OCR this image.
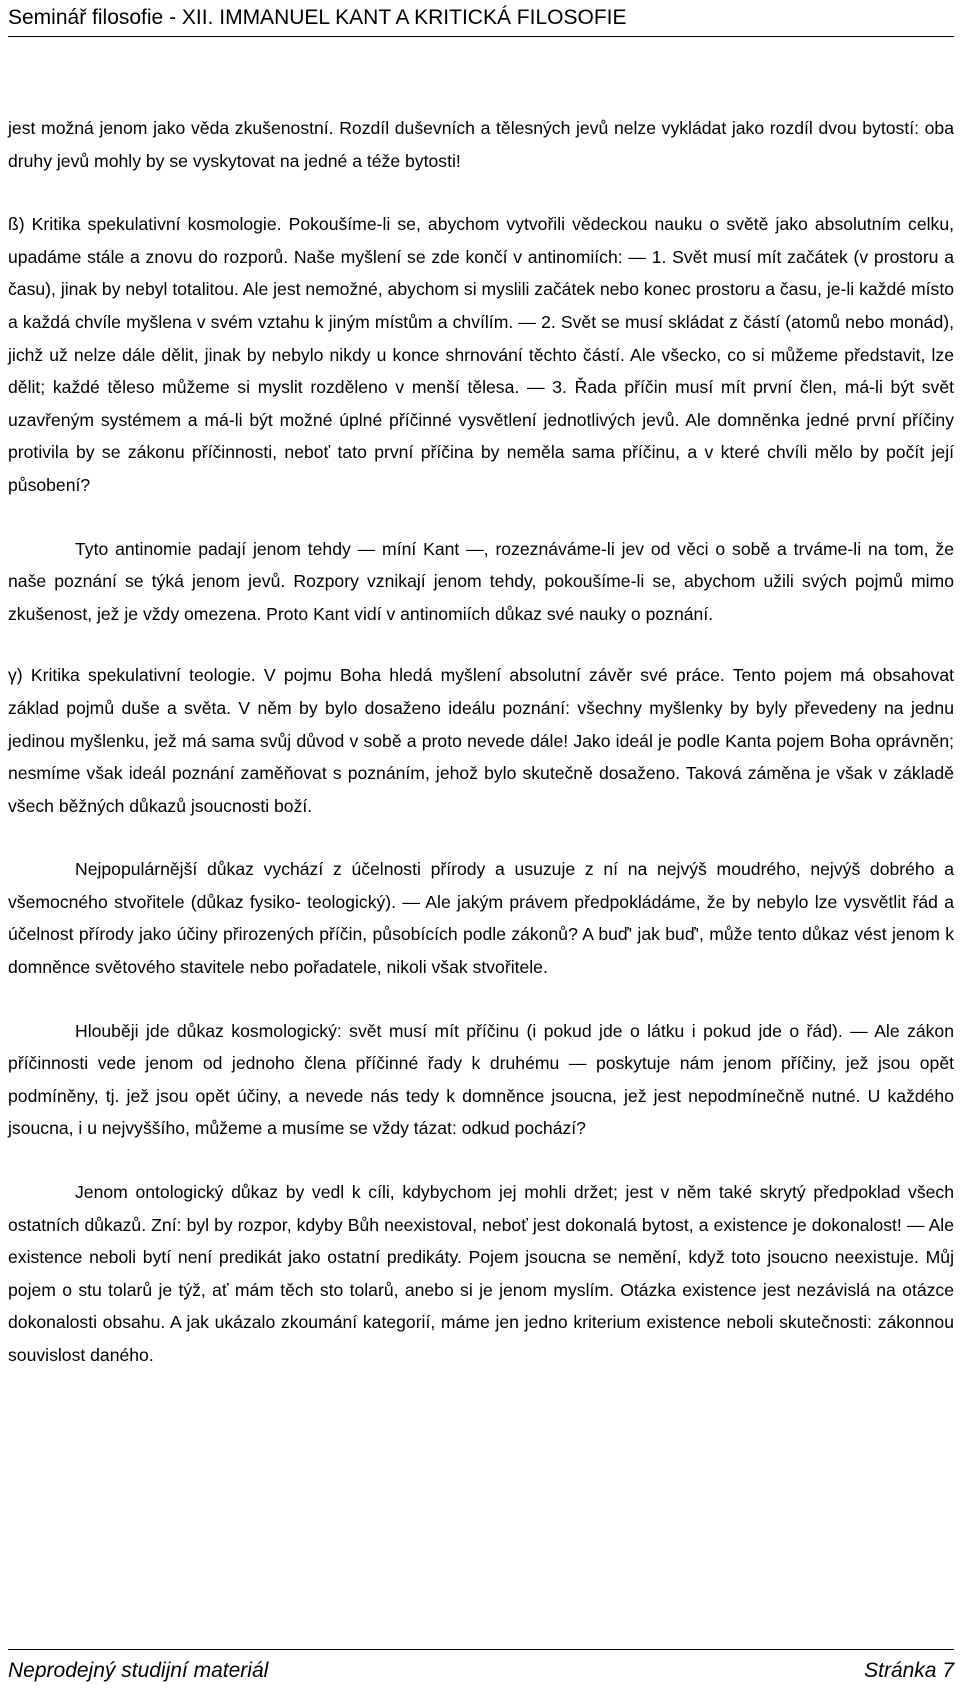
Seminář filosofie - XII. IMMANUEL KANT A KRITICKÁ FILOSOFIE

jest možná jenom jako věda zkušenostní. Rozdíl duševních a tělesných jevů nelze vykládat jako rozdíl dvou bytostí: oba druhy jevů mohly by se vyskytovat na jedné a téže bytosti!

ß) Kritika spekulativní kosmologie. Pokoušíme-li se, abychom vytvořili vědeckou nauku o světě jako absolutním celku, upadáme stále a znovu do rozporů. Naše myšlení se zde končí v antinomiích: — 1. Svět musí mít začátek (v prostoru a času), jinak by nebyl totalitou. Ale jest nemožné, abychom si myslili začátek nebo konec prostoru a času, je-li každé místo a každá chvíle myšlena v svém vztahu k jiným místům a chvílím. — 2. Svět se musí skládat z částí (atomů nebo monád), jichž už nelze dále dělit, jinak by nebylo nikdy u konce shrnování těchto částí. Ale všecko, co si můžeme představit, lze dělit; každé těleso můžeme si myslit rozděleno v menší tělesa. — 3. Řada příčin musí mít první člen, má-li být svět uzavřeným systémem a má-li být možné úplné příčinné vysvětlení jednotlivých jevů. Ale domněnka jedné první příčiny protivila by se zákonu příčinnosti, neboť tato první příčina by neměla sama příčinu, a v které chvíli mělo by počít její působení?

Tyto antinomie padají jenom tehdy — míní Kant —, rozeznáváme-li jev od věci o sobě a trváme-li na tom, že naše poznání se týká jenom jevů. Rozpory vznikají jenom tehdy, pokoušíme-li se, abychom užili svých pojmů mimo zkušenost, jež je vždy omezena. Proto Kant vidí v antinomiích důkaz své nauky o poznání.

γ) Kritika spekulativní teologie. V pojmu Boha hledá myšlení absolutní závěr své práce. Tento pojem má obsahovat základ pojmů duše a světa. V něm by bylo dosaženo ideálu poznání: všechny myšlenky by byly převedeny na jednu jedinou myšlenku, jež má sama svůj důvod v sobě a proto nevede dále! Jako ideál je podle Kanta pojem Boha oprávněn; nesmíme však ideál poznání zaměňovat s poznáním, jehož bylo skutečně dosaženo. Taková záměna je však v základě všech běžných důkazů jsoucnosti boží.

Nejpopulárnější důkaz vychází z účelnosti přírody a usuzuje z ní na nejvýš moudrého, nejvýš dobrého a všemocného stvořitele (důkaz fysiko- teologický). — Ale jakým právem předpokládáme, že by nebylo lze vysvětlit řád a účelnost přírody jako účiny přirozených příčin, působících podle zákonů? A buď' jak buď', může tento důkaz vést jenom k domněnce světového stavitele nebo pořadatele, nikoli však stvořitele.

Hlouběji jde důkaz kosmologický: svět musí mít příčinu (i pokud jde o látku i pokud jde o řád). — Ale zákon příčinnosti vede jenom od jednoho člena příčinné řady k druhému — poskytuje nám jenom příčiny, jež jsou opět podmíněny, tj. jež jsou opět účiny, a nevede nás tedy k domněnce jsoucna, jež jest nepodmínečně nutné. U každého jsoucna, i u nejvyššího, můžeme a musíme se vždy tázat: odkud pochází?

Jenom ontologický důkaz by vedl k cíli, kdybychom jej mohli držet; jest v něm také skrytý předpoklad všech ostatních důkazů. Zní: byl by rozpor, kdyby Bůh neexistoval, neboť jest dokonalá bytost, a existence je dokonalost! — Ale existence neboli bytí není predikát jako ostatní predikáty. Pojem jsoucna se nemění, když toto jsoucno neexistuje. Můj pojem o stu tolarů je týž, ať mám těch sto tolarů, anebo si je jenom myslím. Otázka existence jest nezávislá na otázce dokonalosti obsahu. A jak ukázalo zkoumání kategorií, máme jen jedno kriterium existence neboli skutečnosti: zákonnou souvislost daného.

Neprodejný studijní materiál	Stránka 7
